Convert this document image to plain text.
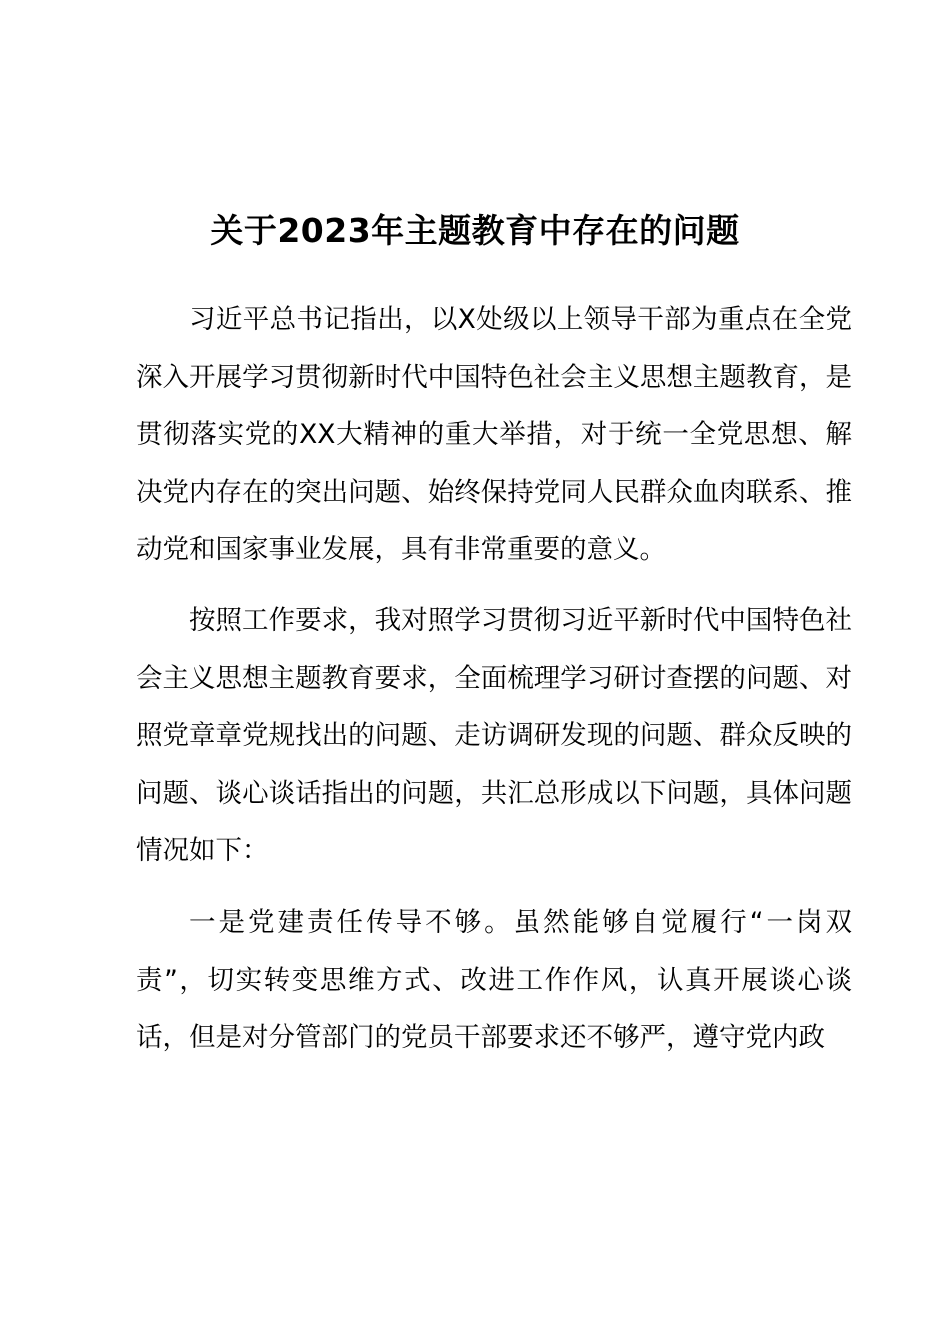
关于2023年主题教育中存在的问题

习近平总书记指出，以X处级以上领导干部为重点在全党深入开展学习贯彻新时代中国特色社会主义思想主题教育，是贯彻落实党的XX大精神的重大举措，对于统一全党思想、解决党内存在的突出问题、始终保持党同人民群众血肉联系、推动党和国家事业发展，具有非常重要的意义。

按照工作要求，我对照学习贯彻习近平新时代中国特色社会主义思想主题教育要求，全面梳理学习研讨查摆的问题、对照党章章党规找出的问题、走访调研发现的问题、群众反映的问题、谈心谈话指出的问题，共汇总形成以下问题，具体问题情况如下：

一是党建责任传导不够。虽然能够自觉履行“一岗双责”，切实转变思维方式、改进工作作风，认真开展谈心谈话，但是对分管部门的党员干部要求还不够严，遵守党内政
